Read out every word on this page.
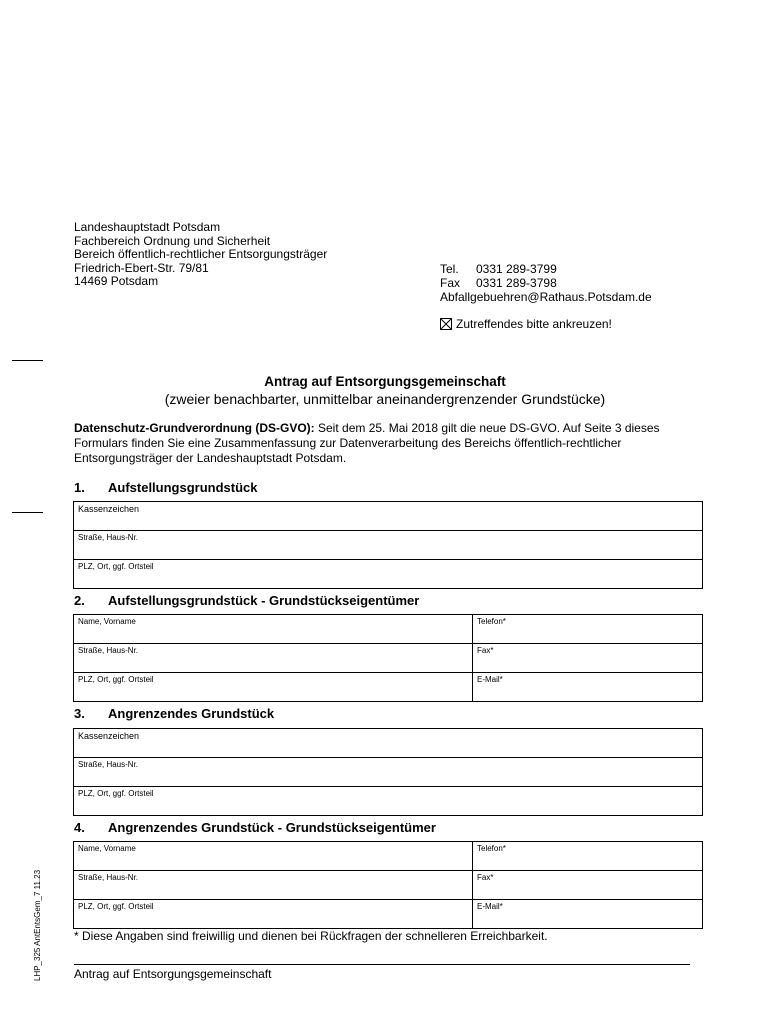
Landeshauptstadt Potsdam
Fachbereich Ordnung und Sicherheit
Bereich öffentlich-rechtlicher Entsorgungsträger
Friedrich-Ebert-Str. 79/81
14469 Potsdam
Tel. 0331 289-3799
Fax 0331 289-3798
Abfallgebuehren@Rathaus.Potsdam.de
Zutreffendes bitte ankreuzen!
Antrag auf Entsorgungsgemeinschaft
(zweier benachbarter, unmittelbar aneinandergrenzender Grundstücke)
Datenschutz-Grundverordnung (DS-GVO): Seit dem 25. Mai 2018 gilt die neue DS-GVO. Auf Seite 3 dieses Formulars finden Sie eine Zusammenfassung zur Datenverarbeitung des Bereichs öffentlich-rechtlicher Entsorgungsträger der Landeshauptstadt Potsdam.
1.	Aufstellungsgrundstück
Kassenzeichen
Straße, Haus-Nr.
PLZ, Ort, ggf. Ortsteil
2.	Aufstellungsgrundstück - Grundstückseigentümer
Name, Vorname	Telefon*
Straße, Haus-Nr.	Fax*
PLZ, Ort, ggf. Ortsteil	E-Mail*
3.	Angrenzendes Grundstück
Kassenzeichen
Straße, Haus-Nr.
PLZ, Ort, ggf. Ortsteil
4.	Angrenzendes Grundstück - Grundstückseigentümer
Name, Vorname	Telefon*
Straße, Haus-Nr.	Fax*
PLZ, Ort, ggf. Ortsteil	E-Mail*
* Diese Angaben sind freiwillig und dienen bei Rückfragen der schnelleren Erreichbarkeit.
Antrag auf Entsorgungsgemeinschaft
LHP_325 AntEntsGem_7 11.23
